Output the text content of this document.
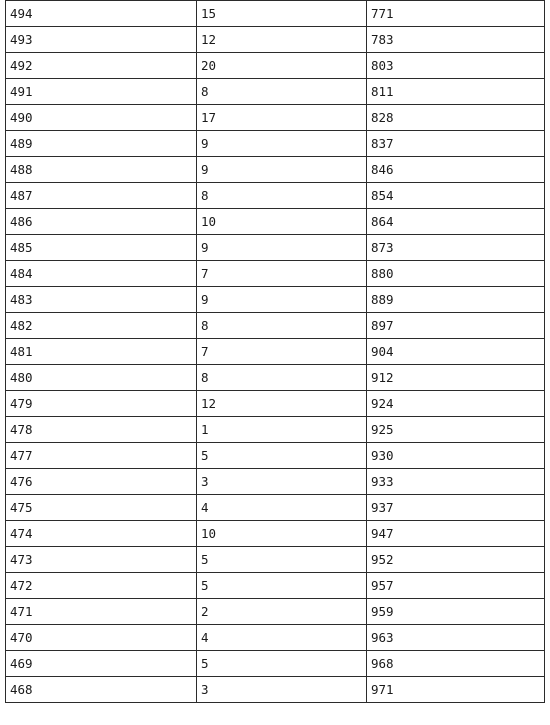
494	15	771
493	12	783
492	20	803
491	8	811
490	17	828
489	9	837
488	9	846
487	8	854
486	10	864
485	9	873
484	7	880
483	9	889
482	8	897
481	7	904
480	8	912
479	12	924
478	1	925
477	5	930
476	3	933
475	4	937
474	10	947
473	5	952
472	5	957
471	2	959
470	4	963
469	5	968
468	3	971
